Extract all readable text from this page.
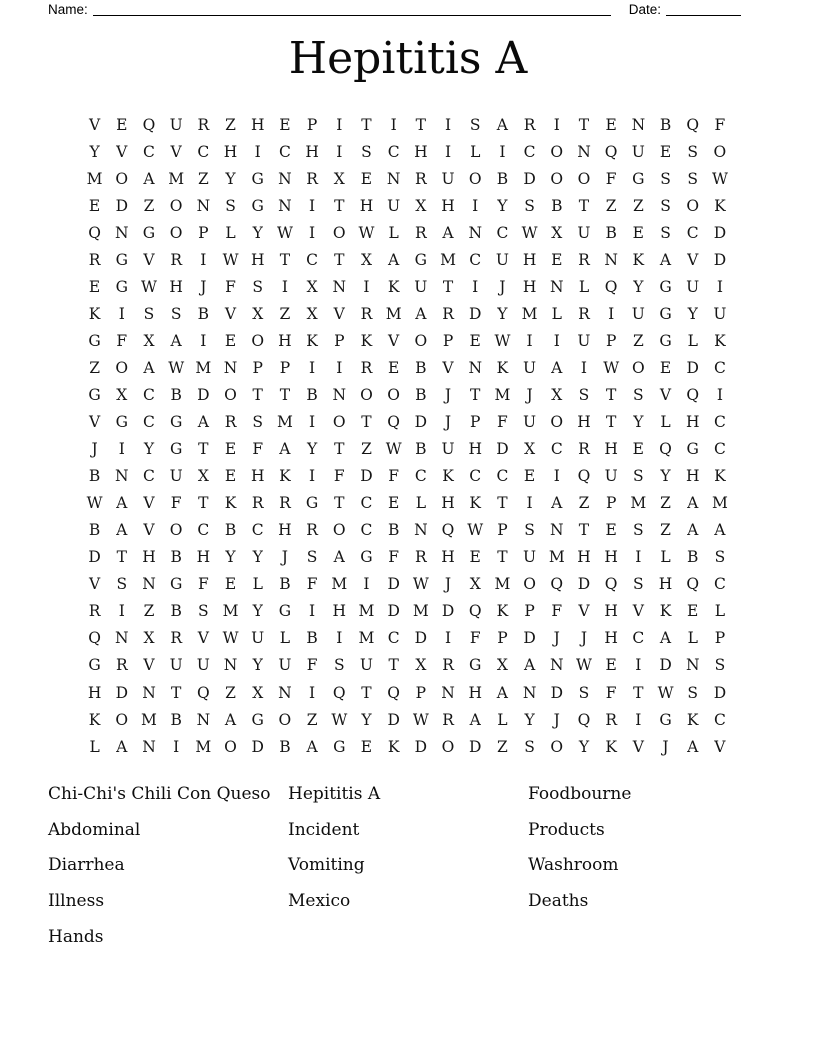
Name:	Date:
Hepititis A
V	E Q U R	Z H E	P	I	T	I	T	I	S	A	R	I	T	E N B Q F
Y	V	C	V	C H	I	C H	I	S	C H	I	L	I	C O N Q U E	S	O
M O A M Z	Y	G N R	X	E N R U O B D O O F	G	S	S W
E D	Z O N S	G N	I	T H U X H	I	Y	S	B	T	Z	Z	S	O K
Q N G O	P	L	Y W	I	O W L	R	A N C W X U B	E	S	C D
R G V	R	I	W H T	C	T	X	A G M C U H E	R N K	A	V D
E G W H	J	F	S	I	X N	I	K U T	I	J	H N L	Q	Y	G U	I
K	I	S	S	B	V	X	Z	X	V	R M A	R D	Y M L	R	I	U G	Y	U
G	F	X	A	I	E O H K	P	K	V O	P	E W	I	I	U P	Z	G	L	K
Z O A W M N P	P	I	I	R	E	B	V N K U A	I	W O E D C
G X	C	B D O	T	T	B N O O B	J	T M	J	X	S	T	S	V Q	I
V G C G A	R	S M	I	O	T	Q D	J	P	F U O H T	Y	L H C
J	I	Y	G	T	E	F	A	Y	T	Z W B U H D X	C R H E Q G C
B N C U X	E H K	I	F	D	F	C K C C	E	I	Q U S	Y H K
W A	V	F	T	K	R	R G	T	C	E	L H K	T	I	A	Z	P M Z	A M
B	A	V O C	B	C H R O C	B N Q W P	S N T	E	S	Z	A	A
D	T H B H Y	Y	J	S	A G	F	R H E	T U M H H	I	L	B	S
V	S N G	F	E	L	B	F M	I	D W	J	X M O Q D Q	S H Q C
R	I	Z	B	S M Y	G	I	H M D M D Q K	P	F	V H V	K	E	L
Q N X	R	V W U	L	B	I	M C D	I	F	P	D	J	J	H C	A	L	P
G R	V U U N Y	U F	S U T	X	R G X	A N W E	I	D N S
H D N T	Q Z	X N	I	Q	T	Q	P N H A N D	S	F	T W S	D
K O M B N A G O Z W Y	D W R	A	L	Y	J	Q R	I	G K C
L	A N	I	M O D B	A G E	K D O D	Z	S	O	Y	K	V	J	A	V
Chi-Chi's Chili Con Queso
Abdominal
Diarrhea
Illness
Hands
Hepititis A
Incident
Vomiting
Mexico
Foodbourne
Products
Washroom
Deaths
